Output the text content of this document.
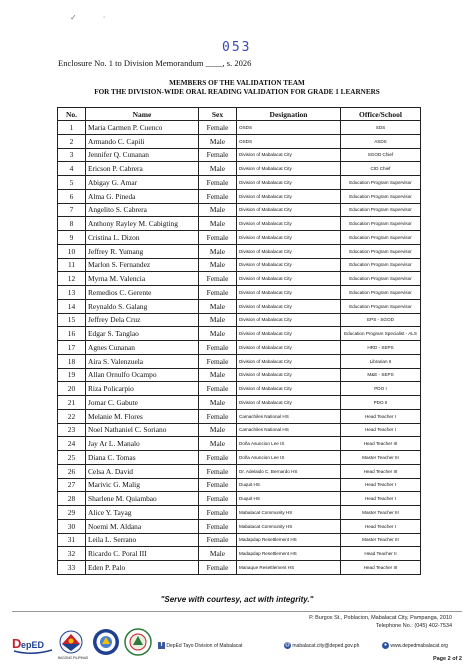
✓             ·
053
Enclosure No. 1 to Division Memorandum ____, s. 2026
MEMBERS OF THE VALIDATION TEAM
FOR THE DIVISION-WIDE ORAL READING VALIDATION FOR GRADE 1 LEARNERS
No.	Name	Sex	Designation	Office/School
1	Maria Carmen P. Cuenco	Female	OSDS	SDS
2	Armando C. Capili	Male	OSDS	ASDS
3	Jennifer Q. Cunanan	Female	Division of Mabalacat City	SGOD Chief
4	Ericson P. Cabrera	Male	Division of Mabalacat City	CID Chief
5	Abigay G. Amar	Female	Division of Mabalacat City	Education Program Supervisor
6	Alma G. Pineda	Female	Division of Mabalacat City	Education Program Supervisor
7	Angelito S. Cabrera	Male	Division of Mabalacat City	Education Program Supervisor
8	Anthony Rayley M. Cabigting	Male	Division of Mabalacat City	Education Program Supervisor
9	Cristina L. Dizon	Female	Division of Mabalacat City	Education Program Supervisor
10	Jeffrey R. Yumang	Male	Division of Mabalacat City	Education Program Supervisor
11	Marlon S. Fernandez	Male	Division of Mabalacat City	Education Program Supervisor
12	Myrna M. Valencia	Female	Division of Mabalacat City	Education Program Supervisor
13	Remedios C. Gerente	Female	Division of Mabalacat City	Education Program Supervisor
14	Reynaldo S. Galang	Male	Division of Mabalacat City	Education Program Supervisor
15	Jeffrey Dela Cruz	Male	Division of Mabalacat City	EPS - SGOD
16	Edgar S. Tanglao	Male	Division of Mabalacat City	Education Program Specialist - ALS
17	Agnes Cunanan	Female	Division of Mabalacat City	HRD - SEPS
18	Aira S. Valenzuela	Female	Division of Mabalacat City	Librarian II
19	Allan Ornulfo Ocampo	Male	Division of Mabalacat City	M&E - SEPS
20	Riza Policarpio	Female	Division of Mabalacat City	PDO I
21	Jomar C. Gabute	Male	Division of Mabalacat City	PDO II
22	Melanie M. Flores	Female	Camachiles National HS	Head Teacher I
23	Noel Nathaniel C. Soriano	Male	Camachiles National HS	Head Teacher I
24	Jay Ar L. Manalo	Male	Doña Asuncion Lee IS	Head Teacher III
25	Diana C. Tomas	Female	Doña Asuncion Lee IS	Master Teacher III
26	Celsa A. David	Female	Dr. Adelaido C. Bernardo HS	Head Teacher III
27	Marivic G. Malig	Female	Duquit HS	Head Teacher I
28	Sharlene M. Quiambao	Female	Duquit HS	Head Teacher I
29	Alice Y. Tayag	Female	Mabalacat Community HS	Master Teacher III
30	Noemi M. Aldana	Female	Mabalacat Community HS	Head Teacher I
31	Leila L. Serrano	Female	Madapdap Resettlement HS	Master Teacher III
32	Ricardo C. Poral III	Male	Madapdap Resettlement HS	Head Teacher II
33	Eden P. Palo	Female	Manaque Resettlement HS	Head Teacher III
"Serve with courtesy, act with integrity."
P. Burgos St., Poblacion, Mabalacat City, Pampanga, 2010
Telephone No.: (045) 402-7534
D epED
BAGONG PILIPINAS
f DepEd Tayo Division of Mabalacat	@ mabalacat.city@deped.gov.ph	● www.depedmabalacat.org
Page 2 of 2
